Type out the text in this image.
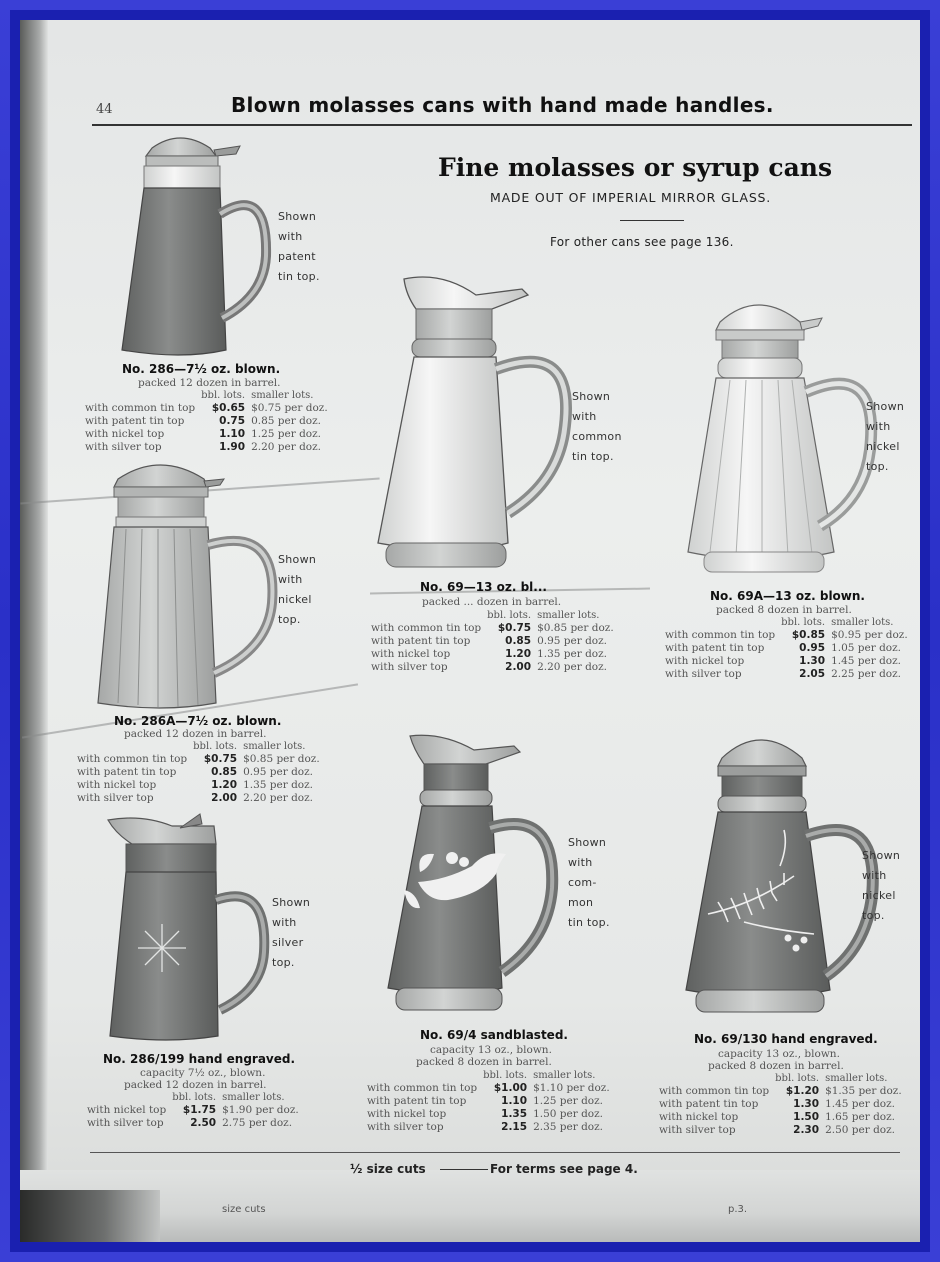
44	Blown molasses cans with hand made handles.
Fine molasses or syrup cans
MADE OUT OF IMPERIAL MIRROR GLASS.
For other cans see page 136.
Shown
with
patent
tin top.
No. 286—7½ oz. blown.
packed 12 dozen in barrel.
	bbl. lots.	smaller lots.
with common tin top	$0.65	$0.75 per doz.
with patent tin top	0.75	0.85 per doz.
with nickel top	1.10	1.25 per doz.
with silver top	1.90	2.20 per doz.
Shown
with
nickel
top.
No. 286A—7½ oz. blown.
packed 12 dozen in barrel.
	bbl. lots.	smaller lots.
with common tin top	$0.75	$0.85 per doz.
with patent tin top	0.85	0.95 per doz.
with nickel top	1.20	1.35 per doz.
with silver top	2.00	2.20 per doz.
Shown
with
silver
top.
No. 286/199 hand engraved.
capacity 7½ oz., blown.
packed 12 dozen in barrel.
	bbl. lots.	smaller lots.
with nickel top	$1.75	$1.90 per doz.
with silver top	2.50	2.75 per doz.
Shown
with
common
tin top.
No. 69—13 oz. bl...
packed ... dozen in barrel.
	bbl. lots.	smaller lots.
with common tin top	$0.75	$0.85 per doz.
with patent tin top	0.85	0.95 per doz.
with nickel top	1.20	1.35 per doz.
with silver top	2.00	2.20 per doz.
Shown
with
nickel
top.
No. 69A—13 oz. blown.
packed 8 dozen in barrel.
	bbl. lots.	smaller lots.
with common tin top	$0.85	$0.95 per doz.
with patent tin top	0.95	1.05 per doz.
with nickel top	1.30	1.45 per doz.
with silver top	2.05	2.25 per doz.
Shown
with
com-
mon
tin top.
No. 69/4 sandblasted.
capacity 13 oz., blown.
packed 8 dozen in barrel.
	bbl. lots.	smaller lots.
with common tin top	$1.00	$1.10 per doz.
with patent tin top	1.10	1.25 per doz.
with nickel top	1.35	1.50 per doz.
with silver top	2.15	2.35 per doz.
Shown
with
nickel
top.
No. 69/130 hand engraved.
capacity 13 oz., blown.
packed 8 dozen in barrel.
	bbl. lots.	smaller lots.
with common tin top	$1.20	$1.35 per doz.
with patent tin top	1.30	1.45 per doz.
with nickel top	1.50	1.65 per doz.
with silver top	2.30	2.50 per doz.
½ size cuts	For terms see page 4.
size cuts	p.3.
